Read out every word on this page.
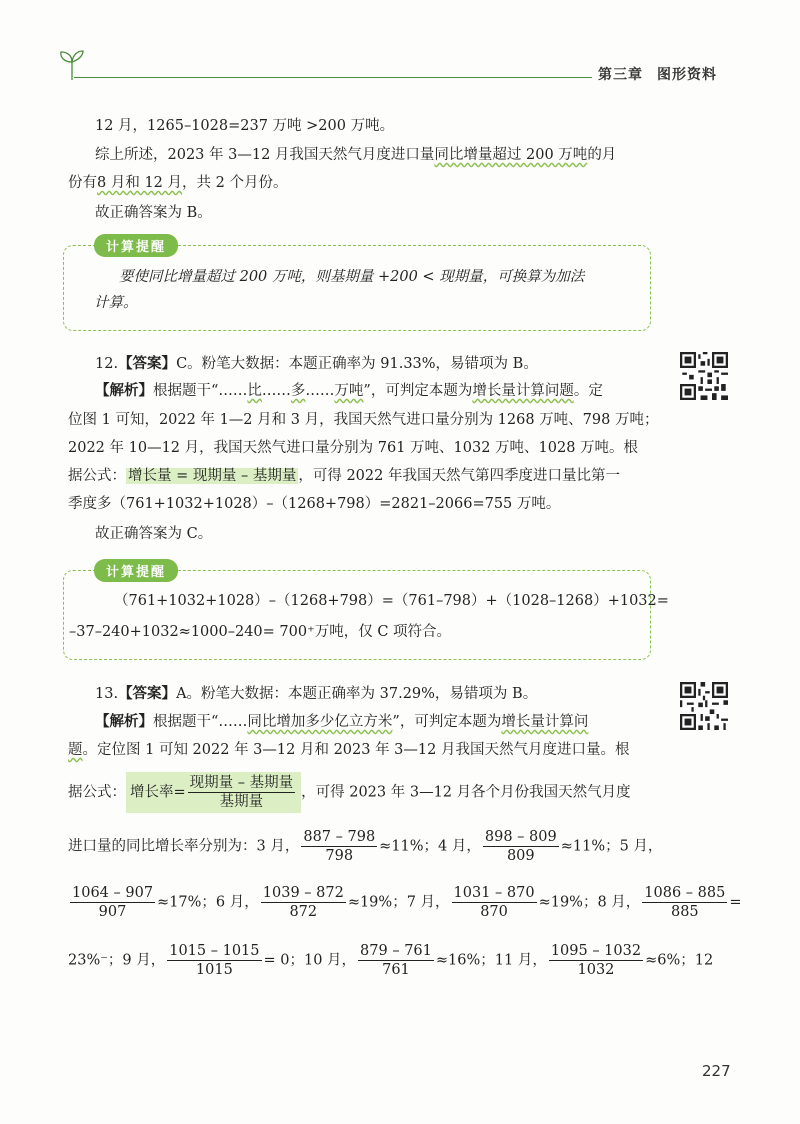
第三章 图形资料
12 月，1265–1028=237 万吨 >200 万吨。
综上所述，2023 年 3—12 月我国天然气月度进口量同比增量超过 200 万吨的月
份有8 月和 12 月，共 2 个月份。
故正确答案为 B。
计算提醒
要使同比增量超过 200 万吨，则基期量 +200 < 现期量，可换算为加法
计算。
12.【答案】C。粉笔大数据：本题正确率为 91.33%，易错项为 B。
【解析】根据题干“……比……多……万吨”，可判定本题为增长量计算问题。定
位图 1 可知，2022 年 1—2 月和 3 月，我国天然气进口量分别为 1268 万吨、798 万吨；
2022 年 10—12 月，我国天然气进口量分别为 761 万吨、1032 万吨、1028 万吨。根
据公式： 增长量 = 现期量 – 基期量 ，可得 2022 年我国天然气第四季度进口量比第一
季度多（761+1032+1028）–（1268+798）=2821–2066=755 万吨。
故正确答案为 C。
计算提醒
（761+1032+1028）–（1268+798）=（761–798）+（1028–1268）+1032=
–37–240+1032≈1000–240= 700⁺万吨，仅 C 项符合。
13.【答案】A。粉笔大数据：本题正确率为 37.29%，易错项为 B。
【解析】根据题干“……同比增加多少亿立方米”，可判定本题为增长量计算问
题。定位图 1 可知 2022 年 3—12 月和 2023 年 3—12 月我国天然气月度进口量。根
据公式： 增长率= $\frac{\text{现期量 – 基期量}}{\text{基期量}}$ ，可得 2023 年 3—12 月各个月份我国天然气月度
进口量的同比增长率分别为：3 月， $\frac{887 - 798}{798} \approx 11\%$；4 月， $\frac{898 - 809}{809} \approx 11\%$；5 月，
$\frac{1064 - 907}{907} \approx 17\%$；6 月， $\frac{1039 - 872}{872} \approx 19\%$；7 月， $\frac{1031 - 870}{870} \approx 19\%$；8 月， $\frac{1086 - 885}{885}$ =
23%⁻；9 月， $\frac{1015 - 1015}{1015} = 0$；10 月， $\frac{879 - 761}{761} \approx 16\%$；11 月， $\frac{1095 - 1032}{1032} \approx 6\%$；12
227
